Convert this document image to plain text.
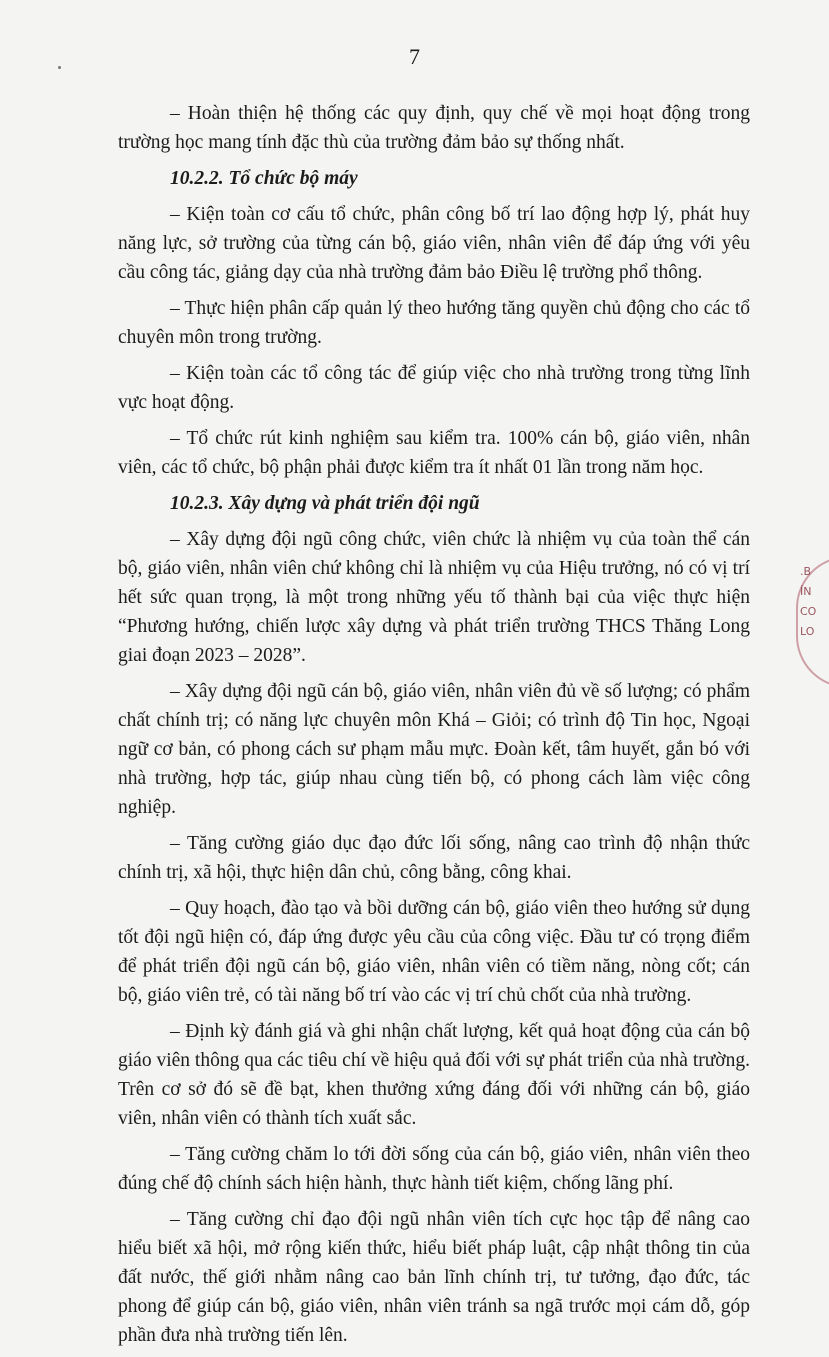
7

– Hoàn thiện hệ thống các quy định, quy chế về mọi hoạt động trong trường học mang tính đặc thù của trường đảm bảo sự thống nhất.

10.2.2. Tổ chức bộ máy

– Kiện toàn cơ cấu tổ chức, phân công bố trí lao động hợp lý, phát huy năng lực, sở trường của từng cán bộ, giáo viên, nhân viên để đáp ứng với yêu cầu công tác, giảng dạy của nhà trường đảm bảo Điều lệ trường phổ thông.

– Thực hiện phân cấp quản lý theo hướng tăng quyền chủ động cho các tổ chuyên môn trong trường.

– Kiện toàn các tổ công tác để giúp việc cho nhà trường trong từng lĩnh vực hoạt động.

– Tổ chức rút kinh nghiệm sau kiểm tra. 100% cán bộ, giáo viên, nhân viên, các tổ chức, bộ phận phải được kiểm tra ít nhất 01 lần trong năm học.

10.2.3. Xây dựng và phát triển đội ngũ

– Xây dựng đội ngũ công chức, viên chức là nhiệm vụ của toàn thể cán bộ, giáo viên, nhân viên chứ không chỉ là nhiệm vụ của Hiệu trưởng, nó có vị trí hết sức quan trọng, là một trong những yếu tố thành bại của việc thực hiện “Phương hướng, chiến lược xây dựng và phát triển trường THCS Thăng Long giai đoạn 2023 – 2028”.

– Xây dựng đội ngũ cán bộ, giáo viên, nhân viên đủ về số lượng; có phẩm chất chính trị; có năng lực chuyên môn Khá – Giỏi; có trình độ Tin học, Ngoại ngữ cơ bản, có phong cách sư phạm mẫu mực. Đoàn kết, tâm huyết, gắn bó với nhà trường, hợp tác, giúp nhau cùng tiến bộ, có phong cách làm việc công nghiệp.

– Tăng cường giáo dục đạo đức lối sống, nâng cao trình độ nhận thức chính trị, xã hội, thực hiện dân chủ, công bằng, công khai.

– Quy hoạch, đào tạo và bồi dưỡng cán bộ, giáo viên theo hướng sử dụng tốt đội ngũ hiện có, đáp ứng được yêu cầu của công việc. Đầu tư có trọng điểm để phát triển đội ngũ cán bộ, giáo viên, nhân viên có tiềm năng, nòng cốt; cán bộ, giáo viên trẻ, có tài năng bố trí vào các vị trí chủ chốt của nhà trường.

– Định kỳ đánh giá và ghi nhận chất lượng, kết quả hoạt động của cán bộ giáo viên thông qua các tiêu chí về hiệu quả đối với sự phát triển của nhà trường. Trên cơ sở đó sẽ đề bạt, khen thưởng xứng đáng đối với những cán bộ, giáo viên, nhân viên có thành tích xuất sắc.

– Tăng cường chăm lo tới đời sống của cán bộ, giáo viên, nhân viên theo đúng chế độ chính sách hiện hành, thực hành tiết kiệm, chống lãng phí.

– Tăng cường chỉ đạo đội ngũ nhân viên tích cực học tập để nâng cao hiểu biết xã hội, mở rộng kiến thức, hiểu biết pháp luật, cập nhật thông tin của đất nước, thế giới nhằm nâng cao bản lĩnh chính trị, tư tưởng, đạo đức, tác phong để giúp cán bộ, giáo viên, nhân viên tránh sa ngã trước mọi cám dỗ, góp phần đưa nhà trường tiến lên.

.B
ÍN
CO
LO
